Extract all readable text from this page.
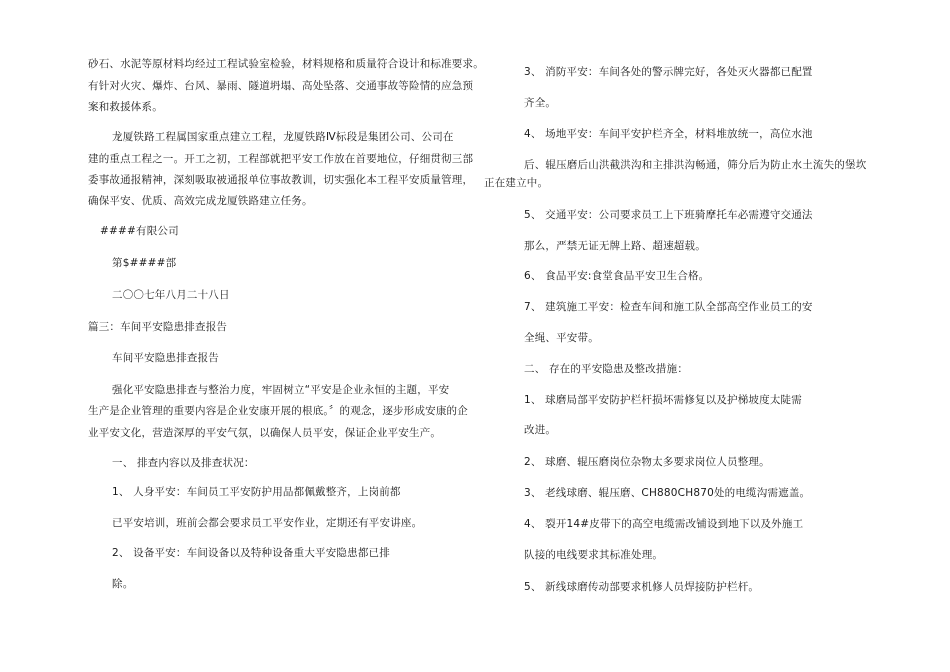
砂石、水泥等原材料均经过工程试验室检验，材料规格和质量符合设计和标准要求。
有针对火灾、爆炸、台风、暴雨、隧道坍塌、高处坠落、交通事故等险情的应急预
案和救援体系。
龙厦铁路工程属国家重点建立工程，龙厦铁路Ⅳ标段是集团公司、公司在
建的重点工程之一。开工之初，工程部就把平安工作放在首要地位，仔细贯彻三部
委事故通报精神，深刻吸取被通报单位事故教训，切实强化本工程平安质量管理，
确保平安、优质、高效完成龙厦铁路建立任务。
####有限公司
第$####部
二〇〇七年八月二十八日
篇三：车间平安隐患排查报告
车间平安隐患排查报告
强化平安隐患排查与整治力度，牢固树立“平安是企业永恒的主题，平安
生产是企业管理的重要内容是企业安康开展的根底。〞的观念，逐步形成安康的企
业平安文化，营造深厚的平安气氛，以确保人员平安，保证企业平安生产。
一、 排查内容以及排查状况：
1、 人身平安：车间员工平安防护用品都佩戴整齐，上岗前都
已平安培训，班前会都会要求员工平安作业，定期还有平安讲座。
2、 设备平安：车间设备以及特种设备重大平安隐患都已排
除。
3、 消防平安：车间各处的警示牌完好，各处灭火器都已配置
齐全。
4、 场地平安：车间平安护栏齐全，材料堆放统一，高位水池
后、辊压磨后山洪截洪沟和主排洪沟畅通，筛分后为防止水土流失的堡坎
正在建立中。
5、 交通平安：公司要求员工上下班骑摩托车必需遵守交通法
那么，严禁无证无牌上路、超速超载。
6、 食品平安:食堂食品平安卫生合格。
7、 建筑施工平安：检查车间和施工队全部高空作业员工的安
全绳、平安带。
二、 存在的平安隐患及整改措施：
1、 球磨局部平安防护栏杆损坏需修复以及护梯坡度太陡需
改进。
2、 球磨、辊压磨岗位杂物太多要求岗位人员整理。
3、 老线球磨、辊压磨、CH880CH870处的电缆沟需遮盖。
4、 裂开14#皮带下的高空电缆需改铺设到地下以及外施工
队接的电线要求其标准处理。
5、 新线球磨传动部要求机修人员焊接防护栏杆。
